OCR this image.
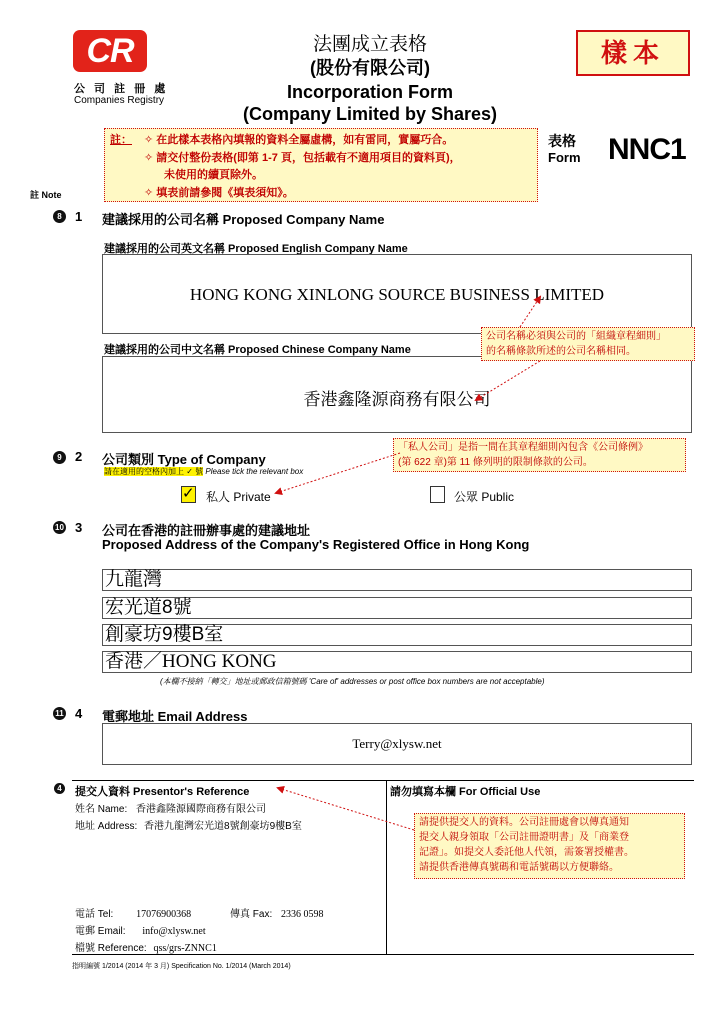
CR
公 司 註 冊 處
Companies Registry
法團成立表格
(股份有限公司)
Incorporation Form
(Company Limited by Shares)
樣本
表格
Form NNC1
註： ✧ 在此樣本表格內填報的資料全屬虛構，如有雷同，實屬巧合。
✧ 請交付整份表格(即第 1-7 頁，包括載有不適用項目的資料頁)，
未使用的續頁除外。
✧ 填表前請參閱《填表須知》。
註 Note
8	1 建議採用的公司名稱 Proposed Company Name
建議採用的公司英文名稱 Proposed English Company Name
HONG KONG XINLONG SOURCE BUSINESS LIMITED
建議採用的公司中文名稱 Proposed Chinese Company Name
香港鑫隆源商務有限公司
公司名稱必須與公司的「組織章程細則」
的名稱條款所述的公司名稱相同。
9	2 公司類別 Type of Company
請在適用的空格內加上 ✓ 號 Please tick the relevant box
✓ 私人 Private	公眾 Public
「私人公司」是指一間在其章程細則內包含《公司條例》
(第 622 章)第 11 條列明的限制條款的公司。
10 3 公司在香港的註冊辦事處的建議地址
Proposed Address of the Company's Registered Office in Hong Kong
九龍灣
宏光道8號
創豪坊9樓B室
香港／HONG KONG
(本欄不接納「轉交」地址或郵政信箱號碼 'Care of' addresses or post office box numbers are not acceptable)
11 4 電郵地址 Email Address
Terry@xlysw.net
4 提交人資料 Presentor's Reference	請勿填寫本欄 For Official Use
姓名 Name: 香港鑫隆源國際商務有限公司
地址 Address: 香港九龍灣宏光道8號創豪坊9樓B室
電話 Tel: 17076900368	傳真 Fax: 2336 0598
電郵 Email: info@xlysw.net
檔號 Reference: qss/grs-ZNNC1
請提供提交人的資料。公司註冊處會以傳真通知
提交人親身領取「公司註冊證明書」及「商業登
記證」。如提交人委託他人代領，需簽署授權書。
請提供香港傳真號碼和電話號碼以方便聯絡。
指明編號 1/2014 (2014 年 3 月) Specification No. 1/2014 (March 2014)
